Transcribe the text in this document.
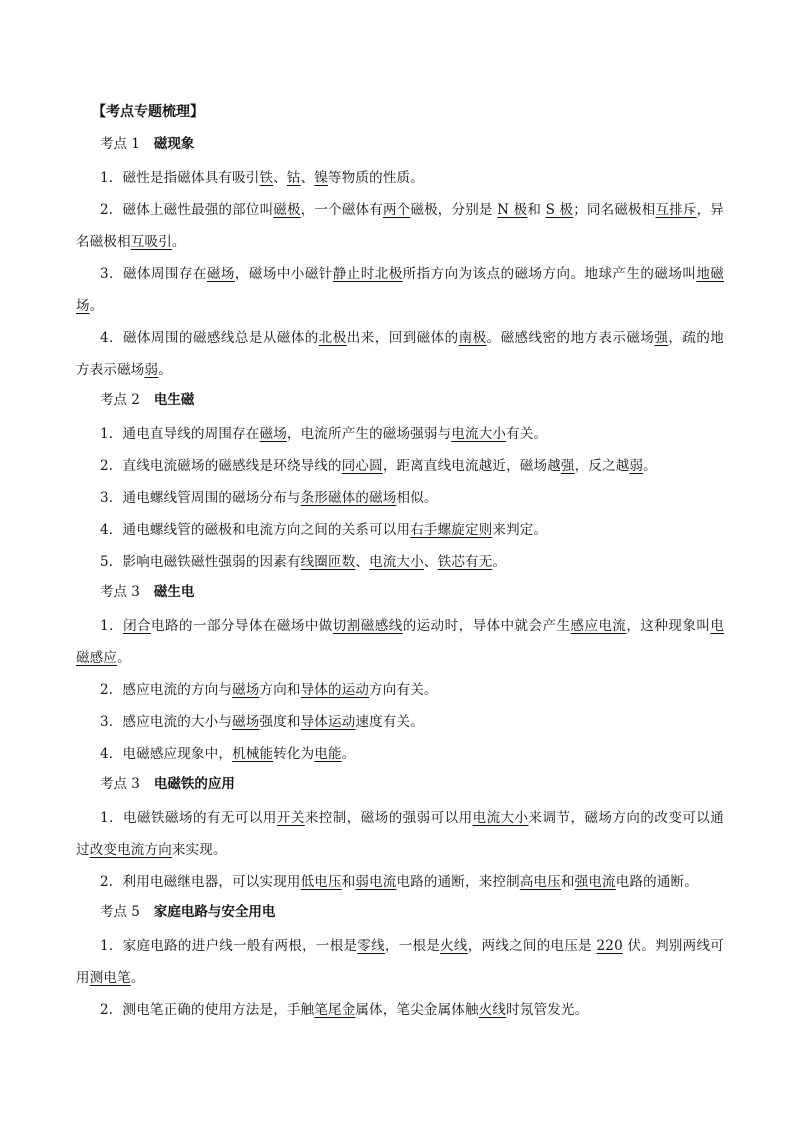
【考点专题梳理】
考点 1 磁现象

1．磁性是指磁体具有吸引铁、钴、镍等物质的性质。

2．磁体上磁性最强的部位叫磁极，一个磁体有两个磁极，分别是 N 极和 S 极；同名磁极相互排斥，异名磁极相互吸引。

3．磁体周围存在磁场，磁场中小磁针静止时北极所指方向为该点的磁场方向。地球产生的磁场叫地磁场。

4．磁体周围的磁感线总是从磁体的北极出来，回到磁体的南极。磁感线密的地方表示磁场强，疏的地方表示磁场弱。

考点 2 电生磁

1．通电直导线的周围存在磁场，电流所产生的磁场强弱与电流大小有关。

2．直线电流磁场的磁感线是环绕导线的同心圆，距离直线电流越近，磁场越强，反之越弱。

3．通电螺线管周围的磁场分布与条形磁体的磁场相似。

4．通电螺线管的磁极和电流方向之间的关系可以用右手螺旋定则来判定。

5．影响电磁铁磁性强弱的因素有线圈匝数、电流大小、铁芯有无。

考点 3 磁生电

1．闭合电路的一部分导体在磁场中做切割磁感线的运动时，导体中就会产生感应电流，这种现象叫电磁感应。

2．感应电流的方向与磁场方向和导体的运动方向有关。

3．感应电流的大小与磁场强度和导体运动速度有关。

4．电磁感应现象中，机械能转化为电能。

考点 3 电磁铁的应用

1．电磁铁磁场的有无可以用开关来控制，磁场的强弱可以用电流大小来调节，磁场方向的改变可以通过改变电流方向来实现。

2．利用电磁继电器，可以实现用低电压和弱电流电路的通断，来控制高电压和强电流电路的通断。

考点 5 家庭电路与安全用电

1．家庭电路的进户线一般有两根，一根是零线，一根是火线，两线之间的电压是 220 伏。判别两线可用测电笔。

2．测电笔正确的使用方法是，手触笔尾金属体，笔尖金属体触火线时氖管发光。
